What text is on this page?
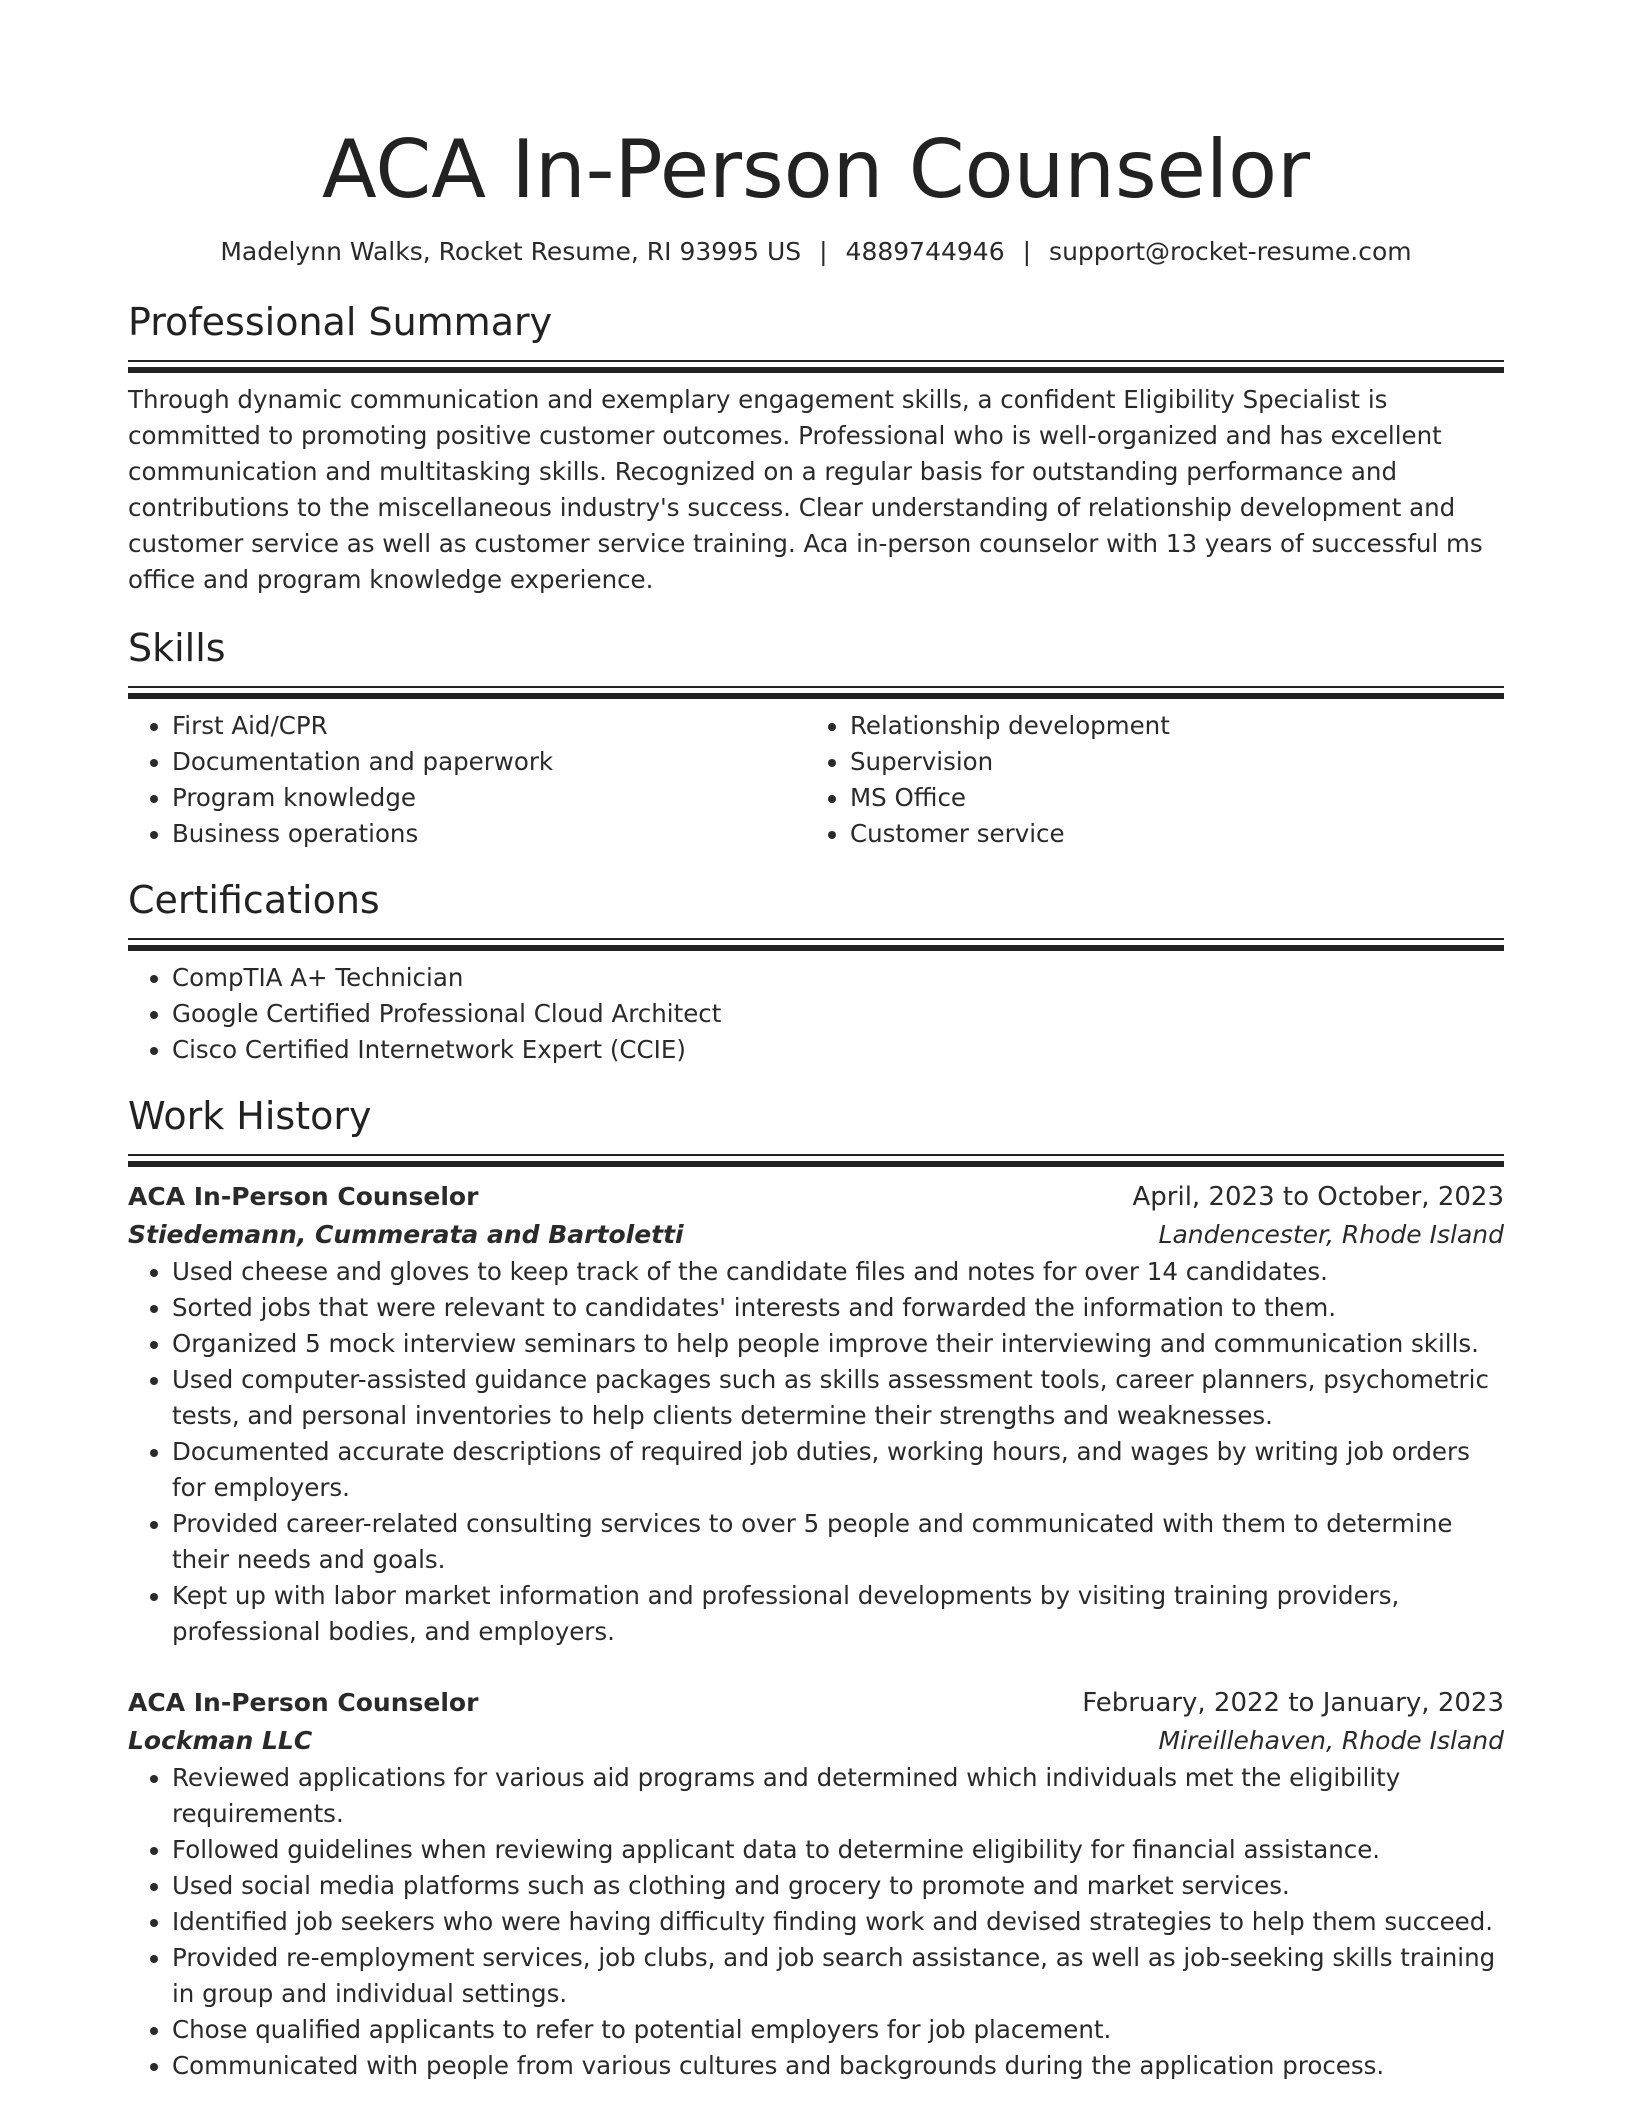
ACA In-Person Counselor
Madelynn Walks, Rocket Resume, RI 93995 US | 4889744946 | support@rocket-resume.com
Professional Summary

Through dynamic communication and exemplary engagement skills, a confident Eligibility Specialist is committed to promoting positive customer outcomes. Professional who is well-organized and has excellent communication and multitasking skills. Recognized on a regular basis for outstanding performance and contributions to the miscellaneous industry's success. Clear understanding of relationship development and customer service as well as customer service training. Aca in-person counselor with 13 years of successful ms office and program knowledge experience.

Skills
• First Aid/CPR
• Documentation and paperwork
• Program knowledge
• Business operations
• Relationship development
• Supervision
• MS Office
• Customer service
Certifications
• CompTIA A+ Technician
• Google Certified Professional Cloud Architect
• Cisco Certified Internetwork Expert (CCIE)
Work History
ACA In-Person Counselor	April, 2023 to October, 2023
Stiedemann, Cummerata and Bartoletti	Landencester, Rhode Island
• Used cheese and gloves to keep track of the candidate files and notes for over 14 candidates.
• Sorted jobs that were relevant to candidates' interests and forwarded the information to them.
• Organized 5 mock interview seminars to help people improve their interviewing and communication skills.
• Used computer-assisted guidance packages such as skills assessment tools, career planners, psychometric tests, and personal inventories to help clients determine their strengths and weaknesses.
• Documented accurate descriptions of required job duties, working hours, and wages by writing job orders for employers.
• Provided career-related consulting services to over 5 people and communicated with them to determine their needs and goals.
• Kept up with labor market information and professional developments by visiting training providers, professional bodies, and employers.
ACA In-Person Counselor	February, 2022 to January, 2023
Lockman LLC	Mireillehaven, Rhode Island
• Reviewed applications for various aid programs and determined which individuals met the eligibility requirements.
• Followed guidelines when reviewing applicant data to determine eligibility for financial assistance.
• Used social media platforms such as clothing and grocery to promote and market services.
• Identified job seekers who were having difficulty finding work and devised strategies to help them succeed.
• Provided re-employment services, job clubs, and job search assistance, as well as job-seeking skills training in group and individual settings.
• Chose qualified applicants to refer to potential employers for job placement.
• Communicated with people from various cultures and backgrounds during the application process.
